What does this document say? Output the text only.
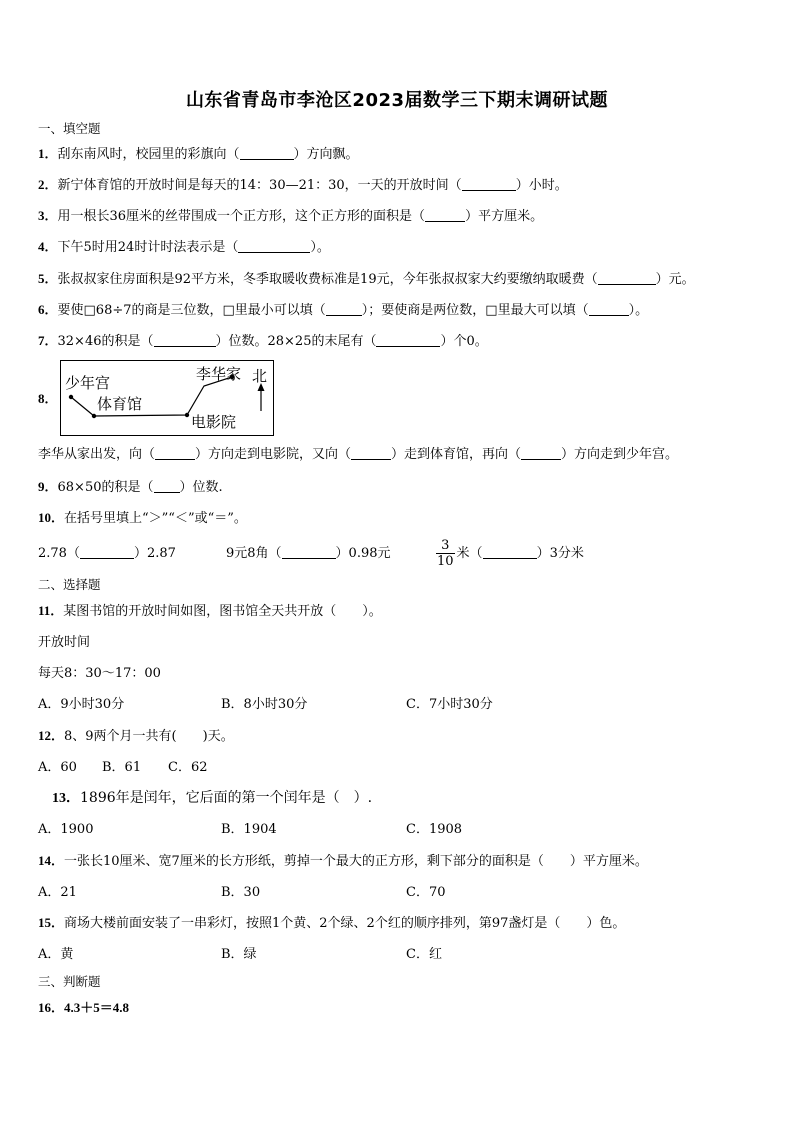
山东省青岛市李沧区2023届数学三下期末调研试题
一、填空题
1．刮东南风时，校园里的彩旗向（	）方向飘。
2．新宁体育馆的开放时间是每天的14：30—21：30，一天的开放时间（	）小时。
3．用一根长36厘米的丝带围成一个正方形，这个正方形的面积是（	）平方厘米。
4．下午5时用24时计时法表示是（	）。
5．张叔叔家住房面积是92平方米，冬季取暖收费标准是19元，今年张叔叔家大约要缴纳取暖费（	）元。
6．要使□68÷7的商是三位数，□里最小可以填（	）；要使商是两位数，□里最大可以填（	）。
7．32×46的积是（	）位数。28×25的末尾有（	）个0。
8．
少年宫
体育馆
李华家
电影院
北
李华从家出发，向（	）方向走到电影院，又向（	）走到体育馆，再向（	）方向走到少年宫。
9．68×50的积是（ ）位数.
10．在括号里填上“＞”“＜”或“＝”。
2.78（	）2.87	9元8角（	）0.98元	$\frac{3}{10}$ 米（	）3分米
二、选择题
11．某图书馆的开放时间如图，图书馆全天共开放（　　）。
开放时间
每天8：30～17：00
A．9小时30分	B．8小时30分	C．7小时30分
12．8、9两个月一共有(　　)天。
A．60 B．61 C．62
13．1896年是闰年，它后面的第一个闰年是（　）.
A．1900	B．1904	C．1908
14．一张长10厘米、宽7厘米的长方形纸，剪掉一个最大的正方形，剩下部分的面积是（　　）平方厘米。
A．21	B．30	C．70
15．商场大楼前面安装了一串彩灯，按照1个黄、2个绿、2个红的顺序排列，第97盏灯是（　　）色。
A．黄	B．绿	C．红
三、判断题
16．4.3＋5＝4.8
